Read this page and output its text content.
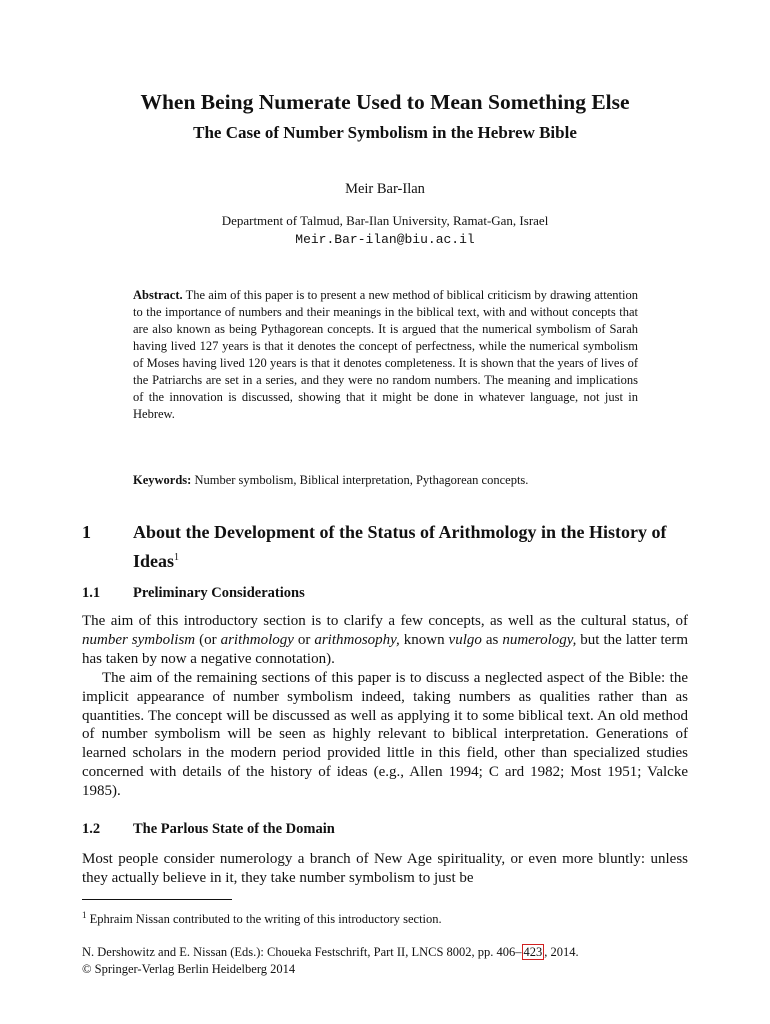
When Being Numerate Used to Mean Something Else
The Case of Number Symbolism in the Hebrew Bible
Meir Bar-Ilan
Department of Talmud, Bar-Ilan University, Ramat-Gan, Israel
Meir.Bar-ilan@biu.ac.il
Abstract. The aim of this paper is to present a new method of biblical criticism by drawing attention to the importance of numbers and their meanings in the biblical text, with and without concepts that are also known as being Pythagorean concepts. It is argued that the numerical symbolism of Sarah having lived 127 years is that it denotes the concept of perfectness, while the numerical symbolism of Moses having lived 120 years is that it denotes completeness. It is shown that the years of lives of the Patriarchs are set in a series, and they were no random numbers. The meaning and implications of the innovation is discussed, showing that it might be done in whatever language, not just in Hebrew.
Keywords: Number symbolism, Biblical interpretation, Pythagorean concepts.
1 About the Development of the Status of Arithmology in the History of Ideas$^1$
1.1 Preliminary Considerations

The aim of this introductory section is to clarify a few concepts, as well as the cultural status, of number symbolism (or arithmology or arithmosophy, known vulgo as numerology, but the latter term has taken by now a negative connotation).

The aim of the remaining sections of this paper is to discuss a neglected aspect of the Bible: the implicit appearance of number symbolism indeed, taking numbers as qualities rather than as quantities. The concept will be discussed as well as applying it to some biblical text. An old method of number symbolism will be seen as highly relevant to biblical interpretation. Generations of learned scholars in the modern period provided little in this field, other than specialized studies concerned with details of the history of ideas (e.g., Allen 1994; C ard 1982; Most 1951; Valcke 1985).

1.2 The Parlous State of the Domain

Most people consider numerology a branch of New Age spirituality, or even more bluntly: unless they actually believe in it, they take number symbolism to just be

$^1$ Ephraim Nissan contributed to the writing of this introductory section.
N. Dershowitz and E. Nissan (Eds.): Choueka Festschrift, Part II, LNCS 8002, pp. 406– 423 , 2014.
© Springer-Verlag Berlin Heidelberg 2014
